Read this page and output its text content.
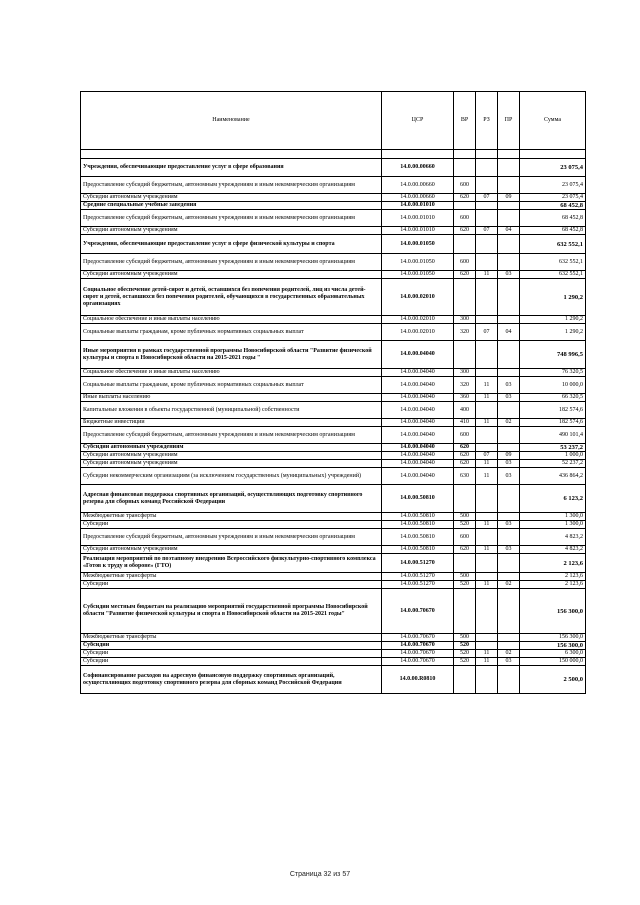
Наименование	ЦСР	ВР	РЗ	ПР	Сумма

Учреждения, обеспечивающие предоставление услуг в сфере образования	14.0.00.00660				23 075,4
Предоставление субсидий бюджетным, автономным учреждениям и иным некоммерческим организациям	14.0.00.00660	600			23 075,4
Субсидии автономным учреждениям	14.0.00.00660	620	07	09	23 075,4
Средние специальные учебные заведения	14.0.00.01010				68 452,8
Предоставление субсидий бюджетным, автономным учреждениям и иным некоммерческим организациям	14.0.00.01010	600			68 452,8
Субсидии автономным учреждениям	14.0.00.01010	620	07	04	68 452,8
Учреждения, обеспечивающие предоставление услуг в сфере физической культуры и спорта	14.0.00.01050				632 552,1
Предоставление субсидий бюджетным, автономным учреждениям и иным некоммерческим организациям	14.0.00.01050	600			632 552,1
Субсидии автономным учреждениям	14.0.00.01050	620	11	03	632 552,1
Социальное обеспечение детей-сирот и детей, оставшихся без попечения родителей, лиц из числа детей-сирот и детей, оставшихся без попечения родителей, обучающихся в государственных образовательных организациях	14.0.00.02010				1 290,2
Социальное обеспечение и иные выплаты населению	14.0.00.02010	300			1 290,2
Социальные выплаты гражданам, кроме публичных нормативных социальных выплат	14.0.00.02010	320	07	04	1 290,2
Иные мероприятия в рамках государственной программы Новосибирской области "Развитие физической культуры и спорта в Новосибирской области на 2015-2021 годы "	14.0.00.04040				748 996,5
Социальное обеспечение и иные выплаты населению	14.0.00.04040	300			76 320,5
Социальные выплаты гражданам, кроме публичных нормативных социальных выплат	14.0.00.04040	320	11	03	10 000,0
Иные выплаты населению	14.0.00.04040	360	11	03	66 320,5
Капитальные вложения в объекты государственной (муниципальной) собственности	14.0.00.04040	400			182 574,6
Бюджетные инвестиции	14.0.00.04040	410	11	02	182 574,6
Предоставление субсидий бюджетным, автономным учреждениям и иным некоммерческим организациям	14.0.00.04040	600			490 101,4
Субсидии автономным учреждениям	14.0.00.04040	620			53 237,2
Субсидии автономным учреждениям	14.0.00.04040	620	07	09	1 000,0
Субсидии автономным учреждениям	14.0.00.04040	620	11	03	52 237,2
Субсидии некоммерческим организациям (за исключением государственных (муниципальных) учреждений)	14.0.00.04040	630	11	03	436 864,2
Адресная финансовая поддержка спортивных организаций, осуществляющих подготовку спортивного резерва для сборных команд Российской Федерации	14.0.00.50810				6 123,2
Межбюджетные трансферты	14.0.00.50810	500			1 300,0
Субсидии	14.0.00.50810	520	11	03	1 300,0
Предоставление субсидий бюджетным, автономным учреждениям и иным некоммерческим организациям	14.0.00.50810	600			4 823,2
Субсидии автономным учреждениям	14.0.00.50810	620	11	03	4 823,2
Реализация мероприятий по поэтапному внедрению Всероссийского физкультурно-спортивного комплекса «Готов к труду и обороне» (ГТО)	14.0.00.51270				2 123,6
Межбюджетные трансферты	14.0.00.51270	500			2 123,6
Субсидии	14.0.00.51270	520	11	02	2 123,6
Субсидии местным бюджетам на реализацию мероприятий государственной программы Новосибирской области "Развитие физической культуры и спорта в Новосибирской области на 2015-2021 годы"	14.0.00.70670				156 300,0
Межбюджетные трансферты	14.0.00.70670	500			156 300,0
Субсидии	14.0.00.70670	520			156 300,0
Субсидии	14.0.00.70670	520	11	02	6 300,0
Субсидии	14.0.00.70670	520	11	03	150 000,0
Софинансирование расходов на адресную финансовую поддержку спортивных организаций, осуществляющих подготовку спортивного резерва для сборных команд Российской Федерации	14.0.00.R0810				2 500,0
Страница 32 из 57
